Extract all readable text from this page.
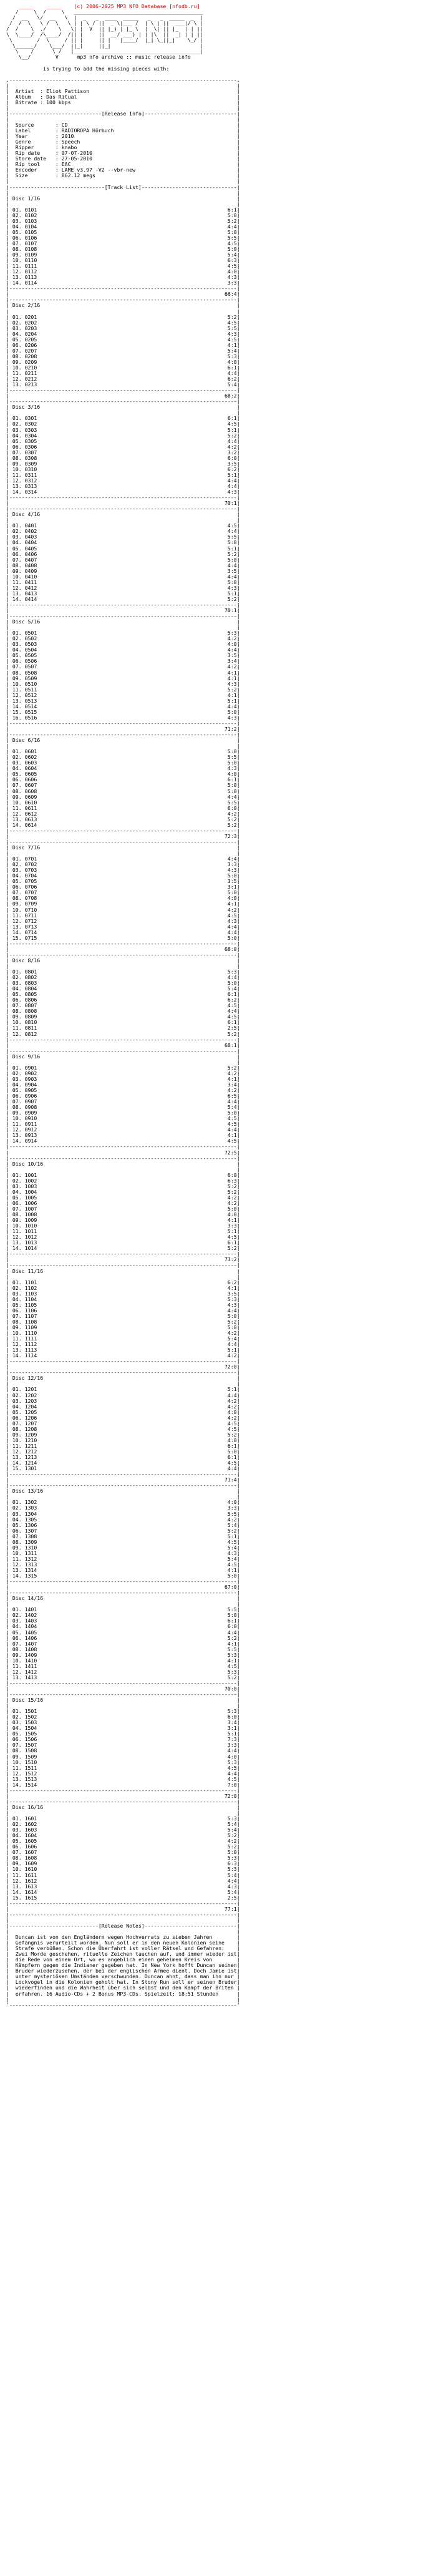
_____    _____    (c) 2006-2025 MP3 NFO Database [nfodb.ru]
/     \  /     \   __________________________________________
/  __   \/  __   \  |  _   _  ____  _____   _   _  _____  _  |
/  /  \   \ /  \   \ | | \ / ||  _ \|___ /  | \ | ||  ___|/ \ |
/  /    \  ./    \   \| |  V  || |_) | |_ \  |  \| || |_  | | ||
\  \____/  /\____/  /|| |     ||  __/ ___) | | |\  ||  _| | | ||
\        /  \     / || |     || |   |____/  |_| \_||_|    \_/ |
\______/    \___/  ||_|     ||_|                             |
\    /      \ /   |_________________________________________|
\__/        V      mp3 nfo archive :: music release info
is trying to add the missing pieces with:
.--------------------------------------------------------------------------.
|                                                                          |
|  Artist  : Eliot Pattison                                                |
|  Album   : Das Ritual                                                    |
|  Bitrate : 100 kbps                                                      |
|                                                                          |
|------------------------------[Release Info]------------------------------|
|                                                                          |
|  Source       : CD                                                       |
|  Label        : RADIOROPA Hörbuch                                        |
|  Year         : 2010                                                     |
|  Genre        : Speech                                                   |
|  Ripper       : knabo                                                    |
|  Rip date     : 07-07-2010                                               |
|  Store date   : 27-05-2010                                               |
|  Rip tool     : EAC                                                      |
|  Encoder      : LAME v3.97 -V2 --vbr-new                                 |
|  Size         : 862.12 megs                                              |
|                                                                          |
|-------------------------------[Track List]-------------------------------|
|                                                                          |
| Disc 1/16                                                                |
|                                                                          |
| 01. 0101                                                              6:1|
| 02. 0102                                                              5:0|
| 03. 0103                                                              5:2|
| 04. 0104                                                              4:4|
| 05. 0105                                                              5:0|
| 06. 0106                                                              5:5|
| 07. 0107                                                              4:5|
| 08. 0108                                                              5:0|
| 09. 0109                                                              5:4|
| 10. 0110                                                              6:3|
| 11. 0111                                                              4:5|
| 12. 0112                                                              4:0|
| 13. 0113                                                              4:3|
| 14. 0114                                                              3:3|
|--------------------------------------------------------------------------|
|                                                                      66:4|
|--------------------------------------------------------------------------|
| Disc 2/16                                                                |
|                                                                          |
| 01. 0201                                                              5:2|
| 02. 0202                                                              4:5|
| 03. 0203                                                              5:5|
| 04. 0204                                                              4:3|
| 05. 0205                                                              4:5|
| 06. 0206                                                              4:1|
| 07. 0207                                                              5:4|
| 08. 0208                                                              5:3|
| 09. 0209                                                              4:0|
| 10. 0210                                                              6:1|
| 11. 0211                                                              4:4|
| 12. 0212                                                              6:2|
| 13. 0213                                                              5:4|
|--------------------------------------------------------------------------|
|                                                                      68:2|
|--------------------------------------------------------------------------|
| Disc 3/16                                                                |
|                                                                          |
| 01. 0301                                                              6:1|
| 02. 0302                                                              4:5|
| 03. 0303                                                              5:1|
| 04. 0304                                                              5:2|
| 05. 0305                                                              4:4|
| 06. 0306                                                              4:2|
| 07. 0307                                                              3:2|
| 08. 0308                                                              6:0|
| 09. 0309                                                              3:5|
| 10. 0310                                                              6:2|
| 11. 0311                                                              5:1|
| 12. 0312                                                              4:4|
| 13. 0313                                                              4:4|
| 14. 0314                                                              4:3|
|--------------------------------------------------------------------------|
|                                                                      70:1|
|--------------------------------------------------------------------------|
| Disc 4/16                                                                |
|                                                                          |
| 01. 0401                                                              4:5|
| 02. 0402                                                              4:4|
| 03. 0403                                                              5:5|
| 04. 0404                                                              5:0|
| 05. 0405                                                              5:1|
| 06. 0406                                                              5:2|
| 07. 0407                                                              5:0|
| 08. 0408                                                              4:4|
| 09. 0409                                                              3:5|
| 10. 0410                                                              4:4|
| 11. 0411                                                              5:0|
| 12. 0412                                                              4:3|
| 13. 0413                                                              5:1|
| 14. 0414                                                              5:2|
|--------------------------------------------------------------------------|
|                                                                      70:1|
|--------------------------------------------------------------------------|
| Disc 5/16                                                                |
|                                                                          |
| 01. 0501                                                              5:3|
| 02. 0502                                                              4:2|
| 03. 0503                                                              4:0|
| 04. 0504                                                              4:4|
| 05. 0505                                                              3:5|
| 06. 0506                                                              3:4|
| 07. 0507                                                              4:2|
| 08. 0508                                                              4:1|
| 09. 0509                                                              4:1|
| 10. 0510                                                              4:3|
| 11. 0511                                                              5:2|
| 12. 0512                                                              4:1|
| 13. 0513                                                              5:1|
| 14. 0514                                                              4:4|
| 15. 0515                                                              5:0|
| 16. 0516                                                              4:3|
|--------------------------------------------------------------------------|
|                                                                      71:2|
|--------------------------------------------------------------------------|
| Disc 6/16                                                                |
|                                                                          |
| 01. 0601                                                              5:0|
| 02. 0602                                                              5:5|
| 03. 0603                                                              5:0|
| 04. 0604                                                              4:3|
| 05. 0605                                                              4:0|
| 06. 0606                                                              6:1|
| 07. 0607                                                              5:0|
| 08. 0608                                                              5:0|
| 09. 0609                                                              4:4|
| 10. 0610                                                              5:5|
| 11. 0611                                                              6:0|
| 12. 0612                                                              4:2|
| 13. 0613                                                              5:2|
| 14. 0614                                                              5:2|
|--------------------------------------------------------------------------|
|                                                                      72:3|
|--------------------------------------------------------------------------|
| Disc 7/16                                                                |
|                                                                          |
| 01. 0701                                                              4:4|
| 02. 0702                                                              3:3|
| 03. 0703                                                              4:3|
| 04. 0704                                                              5:0|
| 05. 0705                                                              3:5|
| 06. 0706                                                              3:1|
| 07. 0707                                                              5:0|
| 08. 0708                                                              4:0|
| 09. 0709                                                              4:1|
| 10. 0710                                                              4:2|
| 11. 0711                                                              4:5|
| 12. 0712                                                              4:3|
| 13. 0713                                                              4:4|
| 14. 0714                                                              4:4|
| 15. 0715                                                              5:0|
|--------------------------------------------------------------------------|
|                                                                      68:0|
|--------------------------------------------------------------------------|
| Disc 8/16                                                                |
|                                                                          |
| 01. 0801                                                              5:3|
| 02. 0802                                                              4:4|
| 03. 0803                                                              5:0|
| 04. 0804                                                              5:4|
| 05. 0805                                                              6:1|
| 06. 0806                                                              6:2|
| 07. 0807                                                              4:5|
| 08. 0808                                                              4:4|
| 09. 0809                                                              4:5|
| 10. 0810                                                              6:1|
| 11. 0811                                                              2:5|
| 12. 0812                                                              5:2|
|--------------------------------------------------------------------------|
|                                                                      68:1|
|--------------------------------------------------------------------------|
| Disc 9/16                                                                |
|                                                                          |
| 01. 0901                                                              5:2|
| 02. 0902                                                              4:2|
| 03. 0903                                                              4:1|
| 04. 0904                                                              3:4|
| 05. 0905                                                              4:2|
| 06. 0906                                                              6:5|
| 07. 0907                                                              4:4|
| 08. 0908                                                              5:4|
| 09. 0909                                                              5:0|
| 10. 0910                                                              4:5|
| 11. 0911                                                              4:5|
| 12. 0912                                                              4:4|
| 13. 0913                                                              4:1|
| 14. 0914                                                              4:5|
|--------------------------------------------------------------------------|
|                                                                      72:5|
|--------------------------------------------------------------------------|
| Disc 10/16                                                               |
|                                                                          |
| 01. 1001                                                              6:0|
| 02. 1002                                                              6:3|
| 03. 1003                                                              5:2|
| 04. 1004                                                              5:2|
| 05. 1005                                                              4:2|
| 06. 1006                                                              4:2|
| 07. 1007                                                              5:0|
| 08. 1008                                                              4:0|
| 09. 1009                                                              4:1|
| 10. 1010                                                              3:3|
| 11. 1011                                                              5:1|
| 12. 1012                                                              4:5|
| 13. 1013                                                              6:1|
| 14. 1014                                                              5:2|
|--------------------------------------------------------------------------|
|                                                                      73:2|
|--------------------------------------------------------------------------|
| Disc 11/16                                                               |
|                                                                          |
| 01. 1101                                                              6:2|
| 02. 1102                                                              4:1|
| 03. 1103                                                              3:5|
| 04. 1104                                                              5:3|
| 05. 1105                                                              4:3|
| 06. 1106                                                              4:4|
| 07. 1107                                                              5:0|
| 08. 1108                                                              5:2|
| 09. 1109                                                              5:0|
| 10. 1110                                                              4:2|
| 11. 1111                                                              5:4|
| 12. 1112                                                              4:4|
| 13. 1113                                                              5:1|
| 14. 1114                                                              4:2|
|--------------------------------------------------------------------------|
|                                                                      72:0|
|--------------------------------------------------------------------------|
| Disc 12/16                                                               |
|                                                                          |
| 01. 1201                                                              5:1|
| 02. 1202                                                              4:4|
| 03. 1203                                                              4:2|
| 04. 1204                                                              4:2|
| 05. 1205                                                              4:0|
| 06. 1206                                                              4:2|
| 07. 1207                                                              4:5|
| 08. 1208                                                              4:5|
| 09. 1209                                                              5:2|
| 10. 1210                                                              4:0|
| 11. 1211                                                              6:1|
| 12. 1212                                                              5:0|
| 13. 1213                                                              6:1|
| 14. 1214                                                              4:5|
| 15. 1301                                                              4:4|
|--------------------------------------------------------------------------|
|                                                                      71:4|
|--------------------------------------------------------------------------|
| Disc 13/16                                                               |
|                                                                          |
| 01. 1302                                                              4:0|
| 02. 1303                                                              3:3|
| 03. 1304                                                              5:5|
| 04. 1305                                                              4:2|
| 05. 1306                                                              5:4|
| 06. 1307                                                              5:2|
| 07. 1308                                                              5:1|
| 08. 1309                                                              4:5|
| 09. 1310                                                              5:4|
| 10. 1311                                                              4:3|
| 11. 1312                                                              5:4|
| 12. 1313                                                              4:5|
| 13. 1314                                                              4:1|
| 14. 1315                                                              5:0|
|--------------------------------------------------------------------------|
|                                                                      67:0|
|--------------------------------------------------------------------------|
| Disc 14/16                                                               |
|                                                                          |
| 01. 1401                                                              5:5|
| 02. 1402                                                              5:0|
| 03. 1403                                                              6:1|
| 04. 1404                                                              6:0|
| 05. 1405                                                              4:4|
| 06. 1406                                                              5:2|
| 07. 1407                                                              4:1|
| 08. 1408                                                              5:5|
| 09. 1409                                                              5:3|
| 10. 1410                                                              4:1|
| 11. 1411                                                              4:5|
| 12. 1412                                                              5:3|
| 13. 1413                                                              5:2|
|--------------------------------------------------------------------------|
|                                                                      70:0|
|--------------------------------------------------------------------------|
| Disc 15/16                                                               |
|                                                                          |
| 01. 1501                                                              5:3|
| 02. 1502                                                              6:0|
| 03. 1503                                                              3:4|
| 04. 1504                                                              3:1|
| 05. 1505                                                              5:1|
| 06. 1506                                                              7:3|
| 07. 1507                                                              3:3|
| 08. 1508                                                              4:4|
| 09. 1509                                                              4:0|
| 10. 1510                                                              5:3|
| 11. 1511                                                              4:5|
| 12. 1512                                                              4:4|
| 13. 1513                                                              4:5|
| 14. 1514                                                              7:0|
|--------------------------------------------------------------------------|
|                                                                      72:0|
|--------------------------------------------------------------------------|
| Disc 16/16                                                               |
|                                                                          |
| 01. 1601                                                              5:3|
| 02. 1602                                                              5:4|
| 03. 1603                                                              5:4|
| 04. 1604                                                              5:2|
| 05. 1605                                                              4:2|
| 06. 1606                                                              5:2|
| 07. 1607                                                              5:0|
| 08. 1608                                                              5:3|
| 09. 1609                                                              6:3|
| 10. 1610                                                              5:3|
| 11. 1611                                                              5:4|
| 12. 1612                                                              4:4|
| 13. 1613                                                              4:3|
| 14. 1614                                                              5:4|
| 15. 1615                                                              2:5|
|--------------------------------------------------------------------------|
|                                                                      77:1|
|--------------------------------------------------------------------------|
|                                                                          |
|-----------------------------[Release Notes]------------------------------|
|                                                                          |
|  Duncan ist von den Engländern wegen Hochverrats zu sieben Jahren        |
|  Gefängnis verurteilt worden. Nun soll er in den neuen Kolonien seine    |
|  Strafe verbüßen. Schon die Überfahrt ist voller Rätsel und Gefahren:    |
|  Zwei Morde geschehen, rituelle Zeichen tauchen auf, und immer wieder ist|
|  die Rede von einem Ort, wo es angeblich einen geheimen Kreis von        |
|  Kämpfern gegen die Indianer gegeben hat. In New York hofft Duncan seinen|
|  Bruder wiederzusehen, der bei der englischen Armee dient. Doch Jamie ist|
|  unter mysteriösen Umständen verschwunden. Duncan ahnt, dass man ihn nur |
|  Lockvogel in die Kolonien geholt hat. In Stony Run soll er seinen Bruder|
|  wiederfinden und die Wahrheit über sich selbst und den Kampf der Briten |
|  erfahren. 16 Audio-CDs + 2 Bonus MP3-CDs. Spielzeit: 18:51 Stunden      |
|                                                                          |
'--------------------------------------------------------------------------'
